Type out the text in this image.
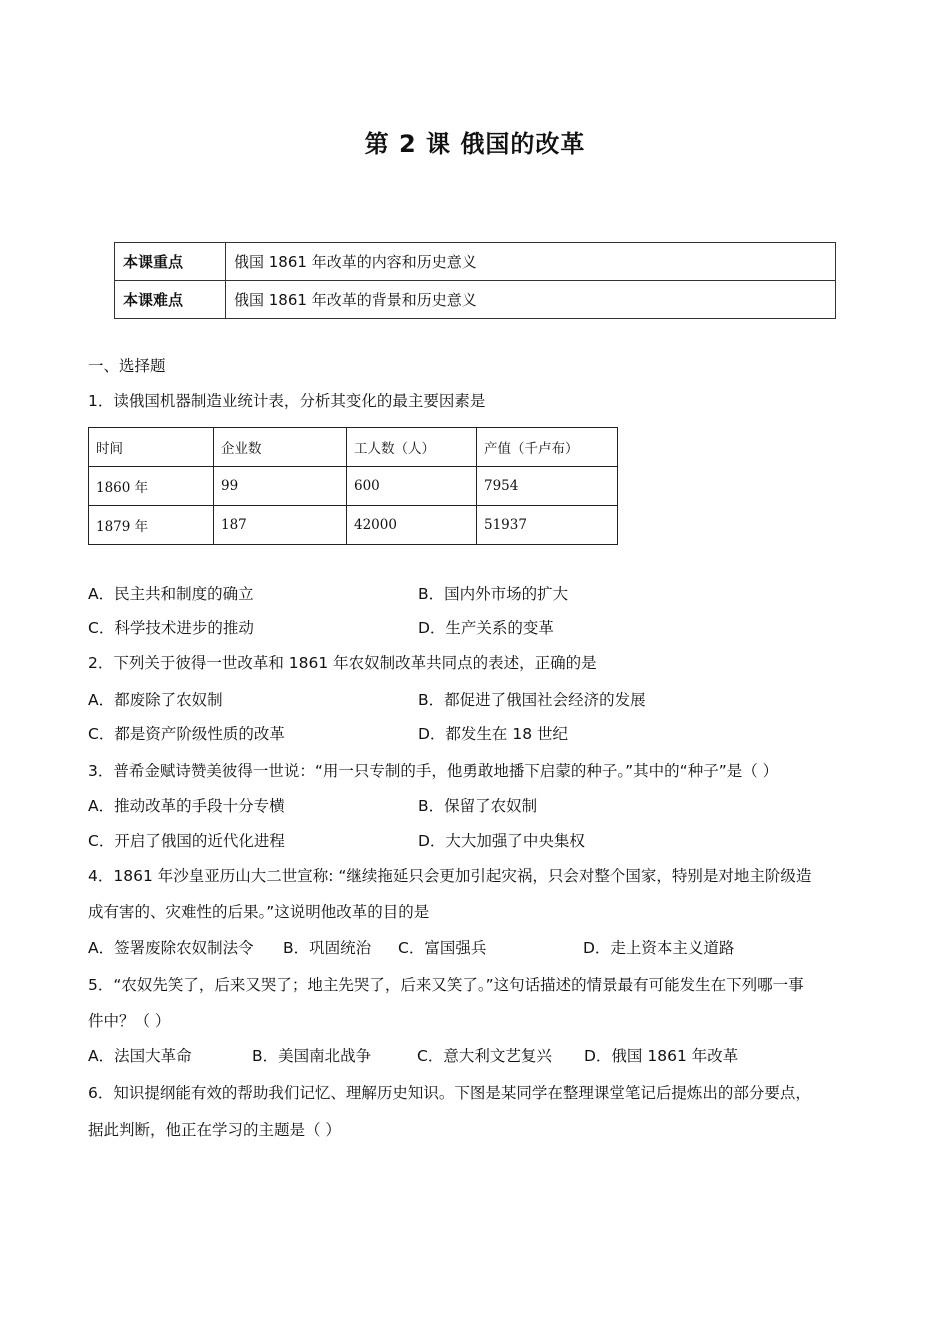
第 2 课 俄国的改革
本课重点	俄国 1861 年改革的内容和历史意义
本课难点	俄国 1861 年改革的背景和历史意义
一、选择题
1．读俄国机器制造业统计表，分析其变化的最主要因素是
时间	企业数	工人数（人）	产值（千卢布）
1860 年	99	600	7954
1879 年	187	42000	51937
A．民主共和制度的确立	B．国内外市场的扩大
C．科学技术进步的推动	D．生产关系的变革
2．下列关于彼得一世改革和 1861 年农奴制改革共同点的表述，正确的是
A．都废除了农奴制	B．都促进了俄国社会经济的发展
C．都是资产阶级性质的改革	D．都发生在 18 世纪
3．普希金赋诗赞美彼得一世说：“用一只专制的手，他勇敢地播下启蒙的种子。”其中的“种子”是（ ）
A．推动改革的手段十分专横	B．保留了农奴制
C．开启了俄国的近代化进程	D．大大加强了中央集权
4．1861 年沙皇亚历山大二世宣称: “继续拖延只会更加引起灾祸，只会对整个国家，特别是对地主阶级造
成有害的、灾难性的后果。”这说明他改革的目的是
A．签署废除农奴制法令 B．巩固统治 C．富国强兵	D．走上资本主义道路
5．“农奴先笑了，后来又哭了；地主先哭了，后来又笑了。”这句话描述的情景最有可能发生在下列哪一事
件中？（ ）
A．法国大革命	B．美国南北战争	C．意大利文艺复兴 D．俄国 1861 年改革
6．知识提纲能有效的帮助我们记忆、理解历史知识。下图是某同学在整理课堂笔记后提炼出的部分要点，
据此判断，他正在学习的主题是（ ）
